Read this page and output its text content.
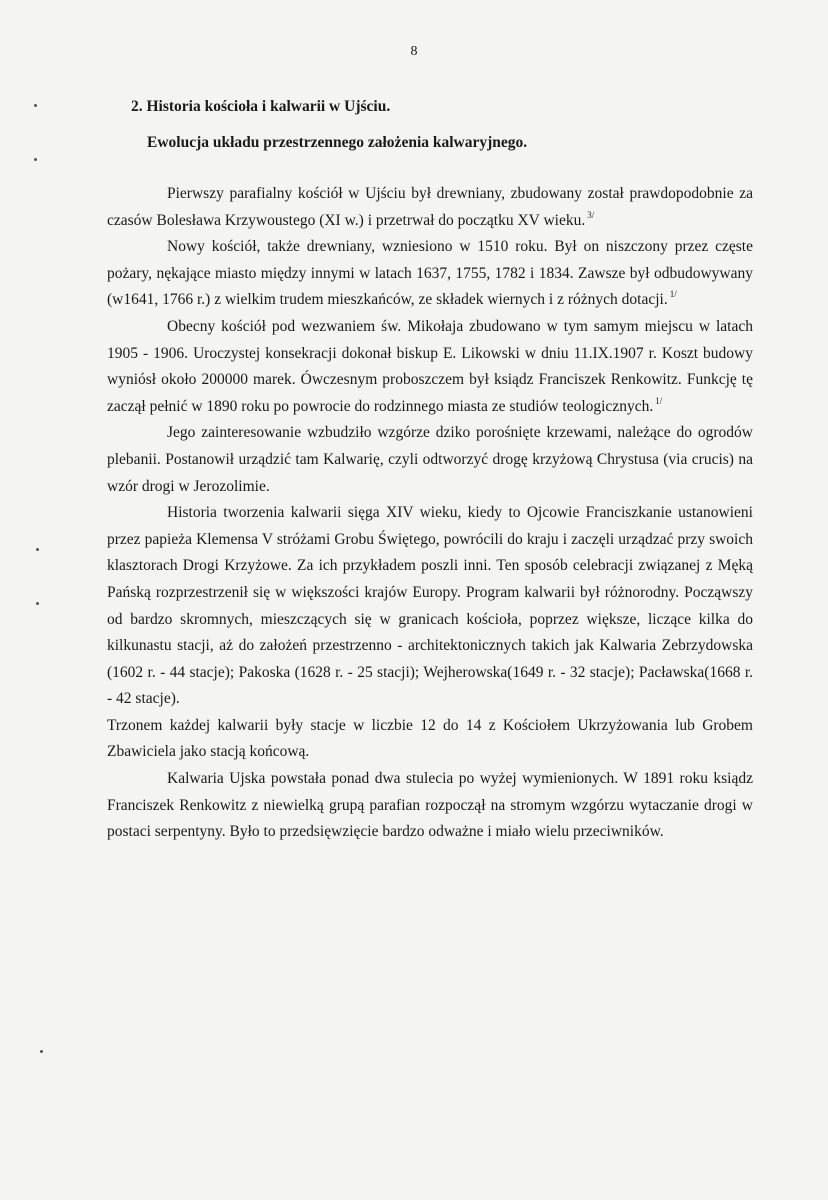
8
2. Historia kościoła i kalwarii w Ujściu.
Ewolucja układu przestrzennego założenia kalwaryjnego.

Pierwszy parafialny kościół w Ujściu był drewniany, zbudowany został prawdopodobnie za czasów Bolesława Krzywoustego (XI w.) i przetrwał do początku XV wieku. $^{3/}$

Nowy kościół, także drewniany, wzniesiono w 1510 roku. Był on niszczony przez częste pożary, nękające miasto między innymi w latach 1637, 1755, 1782 i 1834. Zawsze był odbudowywany (w1641, 1766 r.) z wielkim trudem mieszkańców, ze składek wiernych i z różnych dotacji. $^{1/}$

Obecny kościół pod wezwaniem św. Mikołaja zbudowano w tym samym miejscu w latach 1905 - 1906. Uroczystej konsekracji dokonał biskup E. Likowski w dniu 11.IX.1907 r. Koszt budowy wyniósł około 200000 marek. Ówczesnym proboszczem był ksiądz Franciszek Renkowitz. Funkcję tę zaczął pełnić w 1890 roku po powrocie do rodzinnego miasta ze studiów teologicznych. $^{1/}$

Jego zainteresowanie wzbudziło wzgórze dziko porośnięte krzewami, należące do ogrodów plebanii. Postanowił urządzić tam Kalwarię, czyli odtworzyć drogę krzyżową Chrystusa (via crucis) na wzór drogi w Jerozolimie.

Historia tworzenia kalwarii sięga XIV wieku, kiedy to Ojcowie Franciszkanie ustanowieni przez papieża Klemensa V stróżami Grobu Świętego, powrócili do kraju i zaczęli urządzać przy swoich klasztorach Drogi Krzyżowe. Za ich przykładem poszli inni. Ten sposób celebracji związanej z Męką Pańską rozprzestrzenił się w większości krajów Europy. Program kalwarii był różnorodny. Począwszy od bardzo skromnych, mieszczących się w granicach kościoła, poprzez większe, liczące kilka do kilkunastu stacji, aż do założeń przestrzenno - architektonicznych takich jak Kalwaria Zebrzydowska (1602 r. - 44 stacje); Pakoska (1628 r. - 25 stacji); Wejherowska(1649 r. - 32 stacje); Pacławska(1668 r. - 42 stacje).

Trzonem każdej kalwarii były stacje w liczbie 12 do 14 z Kościołem Ukrzyżowania lub Grobem Zbawiciela jako stacją końcową.

Kalwaria Ujska powstała ponad dwa stulecia po wyżej wymienionych. W 1891 roku ksiądz Franciszek Renkowitz z niewielką grupą parafian rozpoczął na stromym wzgórzu wytaczanie drogi w postaci serpentyny. Było to przedsięwzięcie bardzo odważne i miało wielu przeciwników.
